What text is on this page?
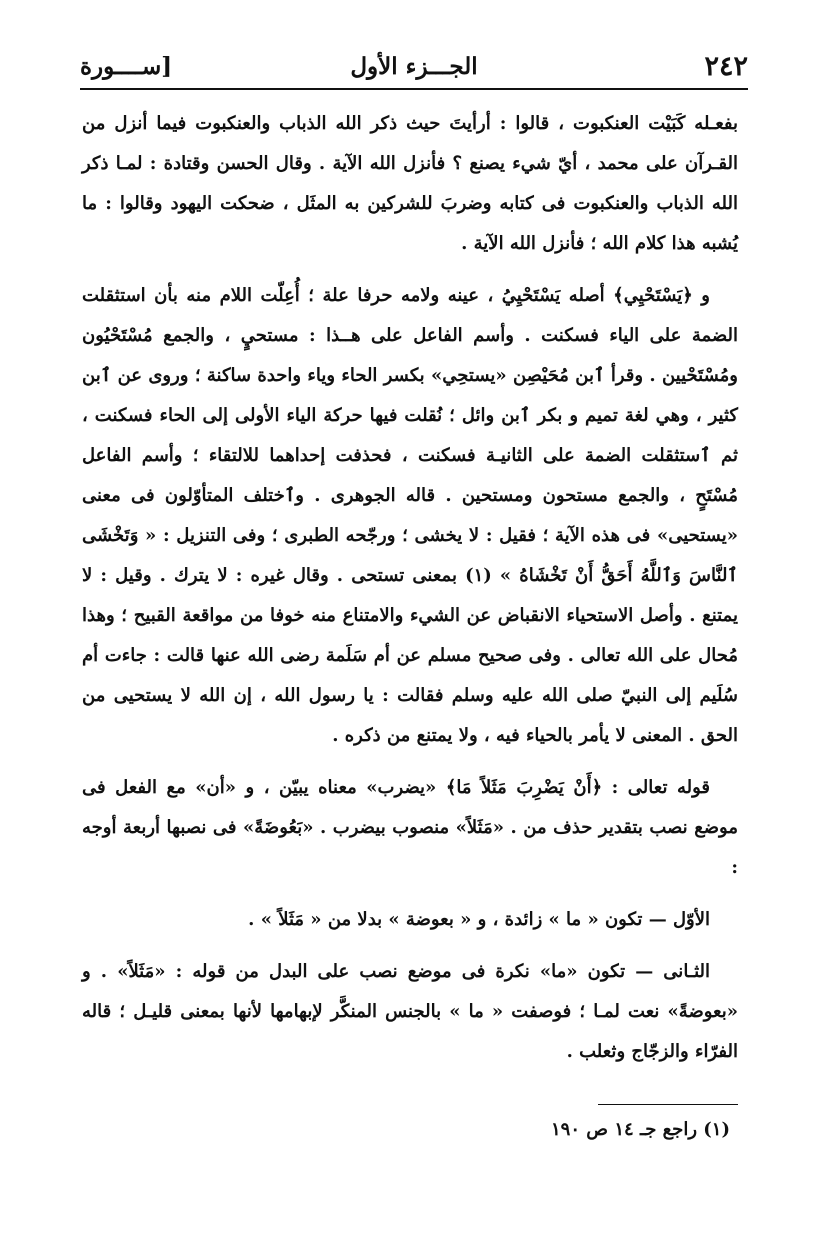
٢٤٢
الجـــزء الأول
[ســــورة

بفعـله كَبَيْت العنكبوت ، قالوا : أرأيتَ حيث ذكر الله الذباب والعنكبوت فيما أنزل من القـرآن على محمد ، أيّ شيء يصنع ؟ فأنزل الله الآية . وقال الحسن وقتادة : لمـا ذكر الله الذباب والعنكبوت فى كتابه وضربَ للشركين به المثَل ، ضحكت اليهود وقالوا : ما يُشبه هذا كلام الله ؛ فأنزل الله الآية .

و ﴿يَسْتَحْيِي﴾ أصله يَسْتَحْيِيُ ، عينه ولامه حرفا علة ؛ أُعِلّت اللام منه بأن استثقلت الضمة على الياء فسكنت . وأسم الفاعل على هــذا : مستحيٍ ، والجمع مُسْتَحْيُون ومُسْتَحْيين . وقرأ ٱبن مُحَيْصِن «يستحِي» بكسر الحاء وياء واحدة ساكنة ؛ وروى عن ٱبن كثير ، وهي لغة تميم و بكر ٱبن وائل ؛ نُقلت فيها حركة الياء الأولى إلى الحاء فسكنت ، ثم ٱستثقلت الضمة على الثانيـة فسكنت ، فحذفت إحداهما للالتقاء ؛ وأسم الفاعل مُسْتَحٍ ، والجمع مستحون ومستحين . قاله الجوهرى . وٱختلف المتأوّلون فى معنى «يستحيى» فى هذه الآية ؛ فقيل : لا يخشى ؛ ورجّحه الطبرى ؛ وفى التنزيل : « وَتَخْشَى ٱلنَّاسَ وَٱللَّهُ أَحَقُّ أَنْ تَخْشَاهُ » (١) بمعنى تستحى . وقال غيره : لا يترك . وقيل : لا يمتنع . وأصل الاستحياء الانقباض عن الشيء والامتناع منه خوفا من مواقعة القبيح ؛ وهذا مُحال على الله تعالى . وفى صحيح مسلم عن أم سَلَمة رضى الله عنها قالت : جاءت أم سُلَيم إلى النبيّ صلى الله عليه وسلم فقالت : يا رسول الله ، إن الله لا يستحيى من الحق . المعنى لا يأمر بالحياء فيه ، ولا يمتنع من ذكره .

قوله تعالى : ﴿أَنْ يَضْرِبَ مَثَلاً مَا﴾ «يضرب» معناه يبيّن ، و «أن» مع الفعل فى موضع نصب بتقدير حذف من . «مَثَلاً» منصوب بيضرب . «بَعُوضَةً» فى نصبها أربعة أوجه :

الأوّل — تكون « ما » زائدة ، و « بعوضة » بدلا من « مَثَلاً » .

الثـانى — تكون «ما» نكرة فى موضع نصب على البدل من قوله : «مَثَلاً» . و «بعوضةً» نعت لمـا ؛ فوصفت « ما » بالجنس المنكَّر لإبهامها لأنها بمعنى قليـل ؛ قاله الفرّاء والزجّاج وثعلب .

(١) راجع جـ ١٤ ص ١٩٠
